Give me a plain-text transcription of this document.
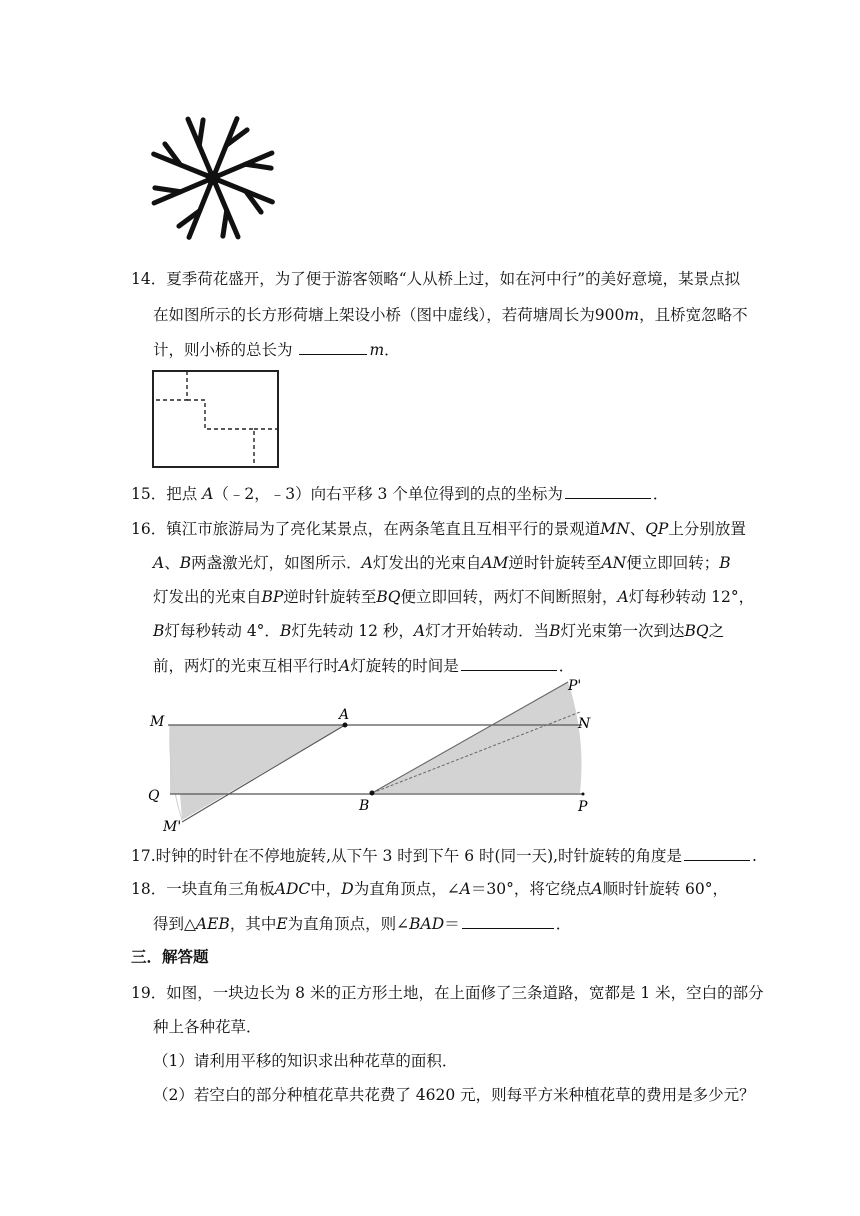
14．夏季荷花盛开，为了便于游客领略“人从桥上过，如在河中行”的美好意境，某景点拟
在如图所示的长方形荷塘上架设小桥（图中虚线），若荷塘周长为900m，且桥宽忽略不
计，则小桥的总长为	m．
15．把点 A（﹣2，﹣3）向右平移 3 个单位得到的点的坐标为	．
16．镇江市旅游局为了亮化某景点，在两条笔直且互相平行的景观道MN、QP上分别放置
A、B两盏激光灯，如图所示．A灯发出的光束自AM逆时针旋转至AN便立即回转；B
灯发出的光束自BP逆时针旋转至BQ便立即回转，两灯不间断照射，A灯每秒转动 12°，
B灯每秒转动 4°．B灯先转动 12 秒，A灯才开始转动．当B灯光束第一次到达BQ之
前，两灯的光束互相平行时A灯旋转的时间是	．
M	A
P'
N
Q
B	P
M'
17.时钟的时针在不停地旋转,从下午 3 时到下午 6 时(同一天),时针旋转的角度是	.
18．一块直角三角板ADC中，D为直角顶点，∠A＝30°，将它绕点A顺时针旋转 60°，
得到△AEB，其中E为直角顶点，则∠BAD＝	．
三．解答题
19．如图，一块边长为 8 米的正方形土地，在上面修了三条道路，宽都是 1 米，空白的部分
种上各种花草．
（1）请利用平移的知识求出种花草的面积．
（2）若空白的部分种植花草共花费了 4620 元，则每平方米种植花草的费用是多少元？
